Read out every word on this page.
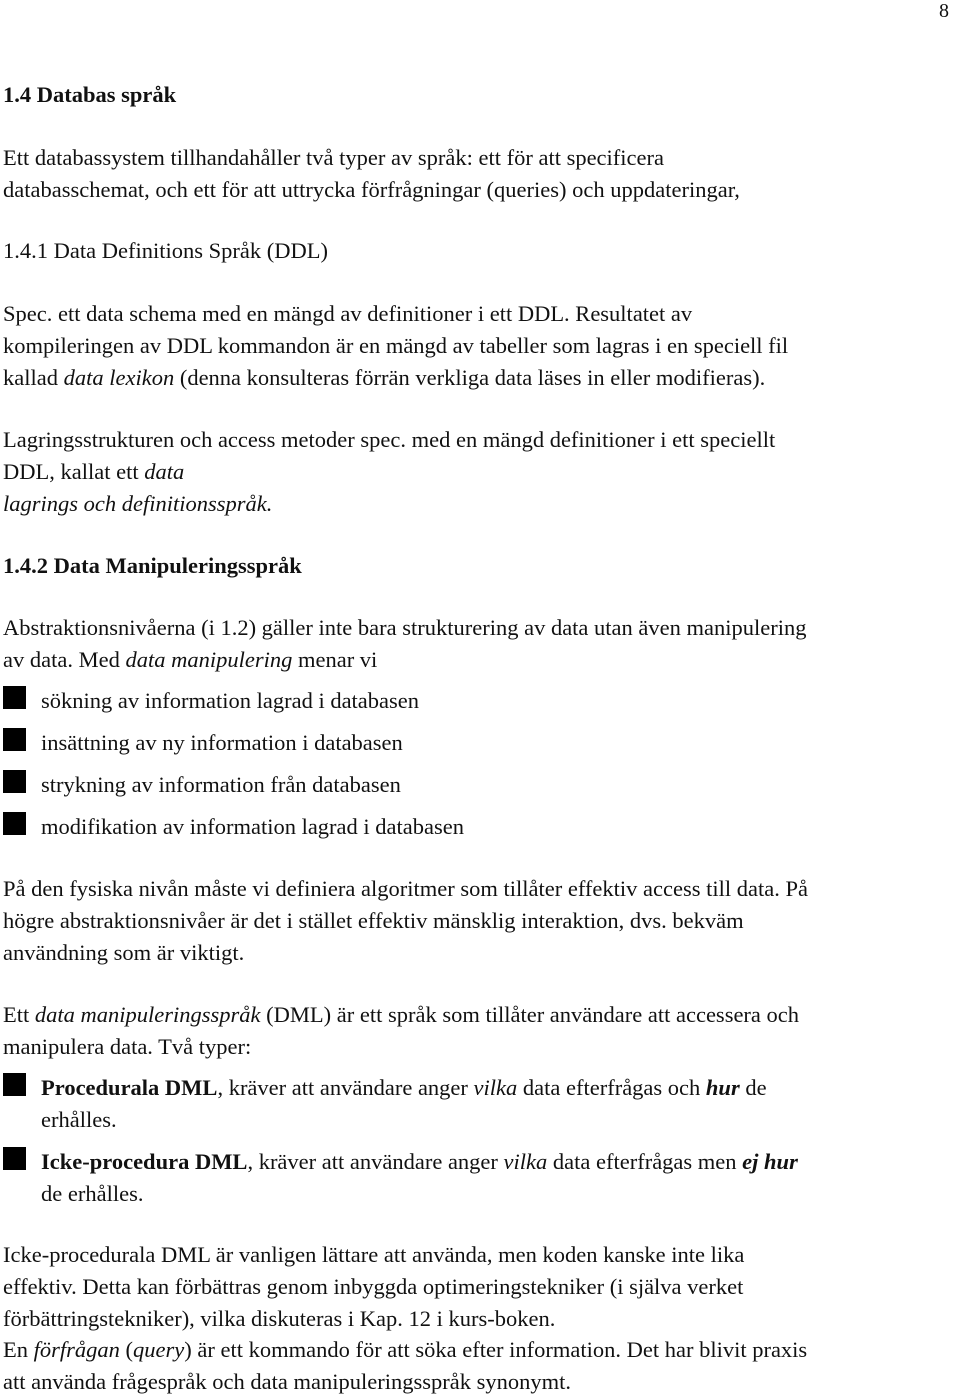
8
1.4 Databas språk
Ett databassystem tillhandahåller två typer av språk: ett för att specificera
databasschemat, och ett för att uttrycka förfrågningar (queries) och uppdateringar,
1.4.1 Data Definitions Språk (DDL)
Spec. ett data schema med en mängd av definitioner i ett DDL. Resultatet av
kompileringen av DDL kommandon är en mängd av tabeller som lagras i en speciell fil
kallad data lexikon (denna konsulteras förrän verkliga data läses in eller modifieras).
Lagringsstrukturen och access metoder spec. med en mängd definitioner i ett speciellt
DDL, kallat ett data
lagrings och definitionsspråk.
1.4.2 Data Manipuleringsspråk
Abstraktionsnivåerna (i 1.2) gäller inte bara strukturering av data utan även manipulering
av data. Med data manipulering menar vi
sökning av information lagrad i databasen
insättning av ny information i databasen
strykning av information från databasen
modifikation av information lagrad i databasen
På den fysiska nivån måste vi definiera algoritmer som tillåter effektiv access till data. På
högre abstraktionsnivåer är det i stället effektiv mänsklig interaktion, dvs. bekväm
användning som är viktigt.
Ett data manipuleringsspråk (DML) är ett språk som tillåter användare att accessera och
manipulera data. Två typer:
Procedurala DML, kräver att användare anger vilka data efterfrågas och hur de
erhålles.
Icke-procedura DML, kräver att användare anger vilka data efterfrågas men ej hur
de erhålles.
Icke-procedurala DML är vanligen lättare att använda, men koden kanske inte lika
effektiv. Detta kan förbättras genom inbyggda optimeringstekniker (i själva verket
förbättringstekniker), vilka diskuteras i Kap. 12 i kurs-boken.
En förfrågan (query) är ett kommando för att söka efter information. Det har blivit praxis
att använda frågespråk och data manipuleringsspråk synonymt.
